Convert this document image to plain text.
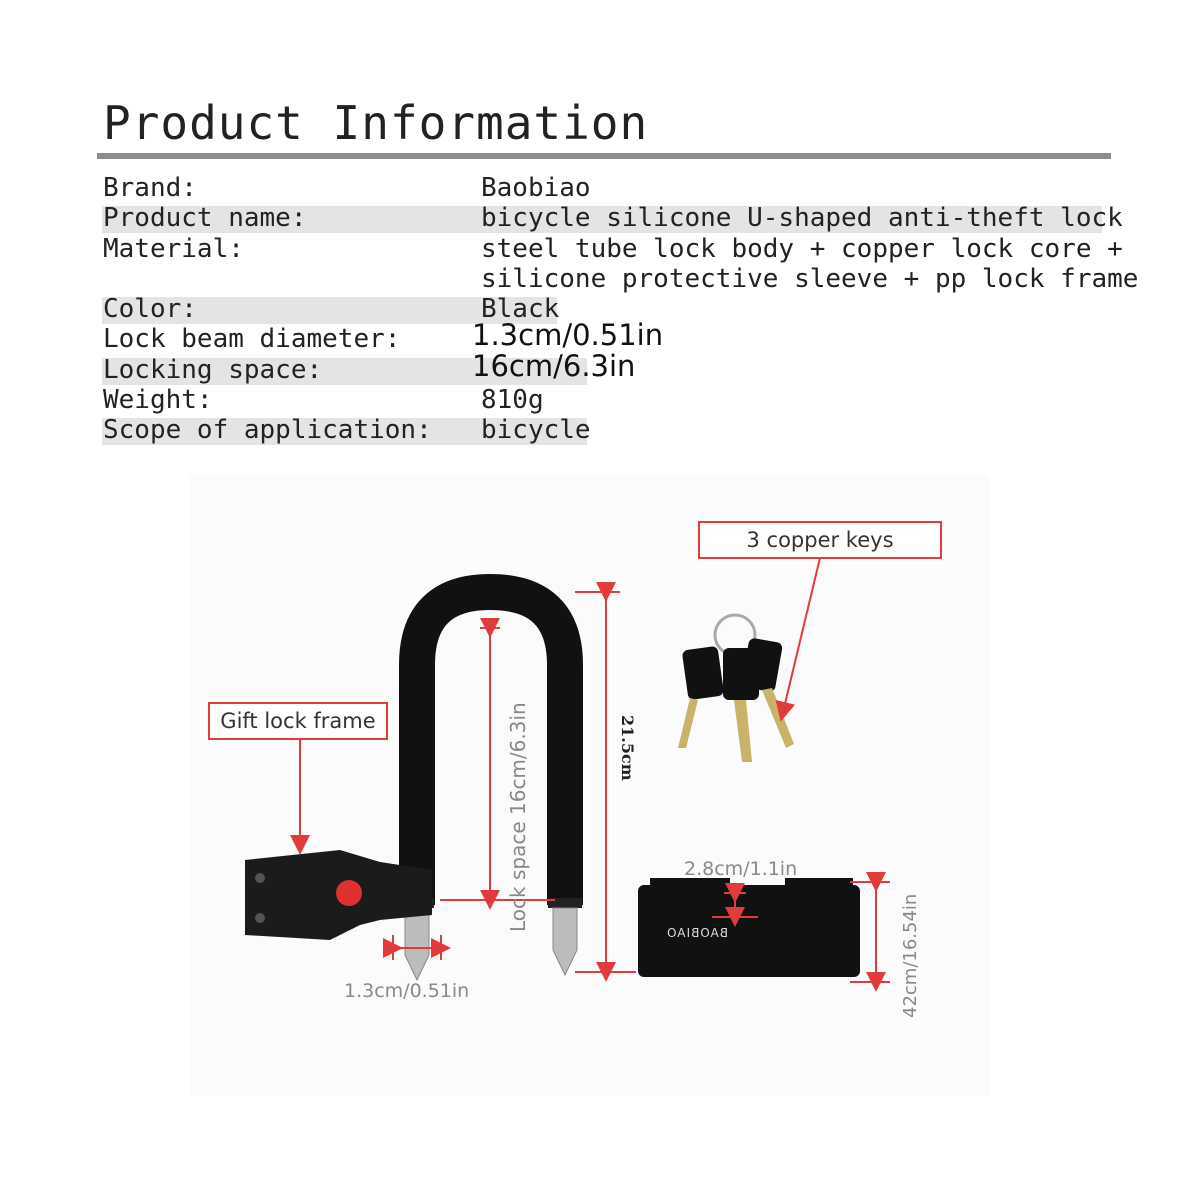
Product Information
Brand:	Baobiao
Product name:	bicycle silicone U-shaped anti-theft lock
Material:	steel tube lock body + copper lock core +
silicone protective sleeve + pp lock frame
Color:	Black
Lock beam diameter: 1.3cm/0.51in
Locking space:	16cm/6.3in
Weight:	810g
Scope of application: bicycle
BAOBIAO
Lock space 16cm/6.3in	21.5cm
42cm/16.54in
3 copper keys
Gift lock frame
1.3cm/0.51in
2.8cm/1.1in
